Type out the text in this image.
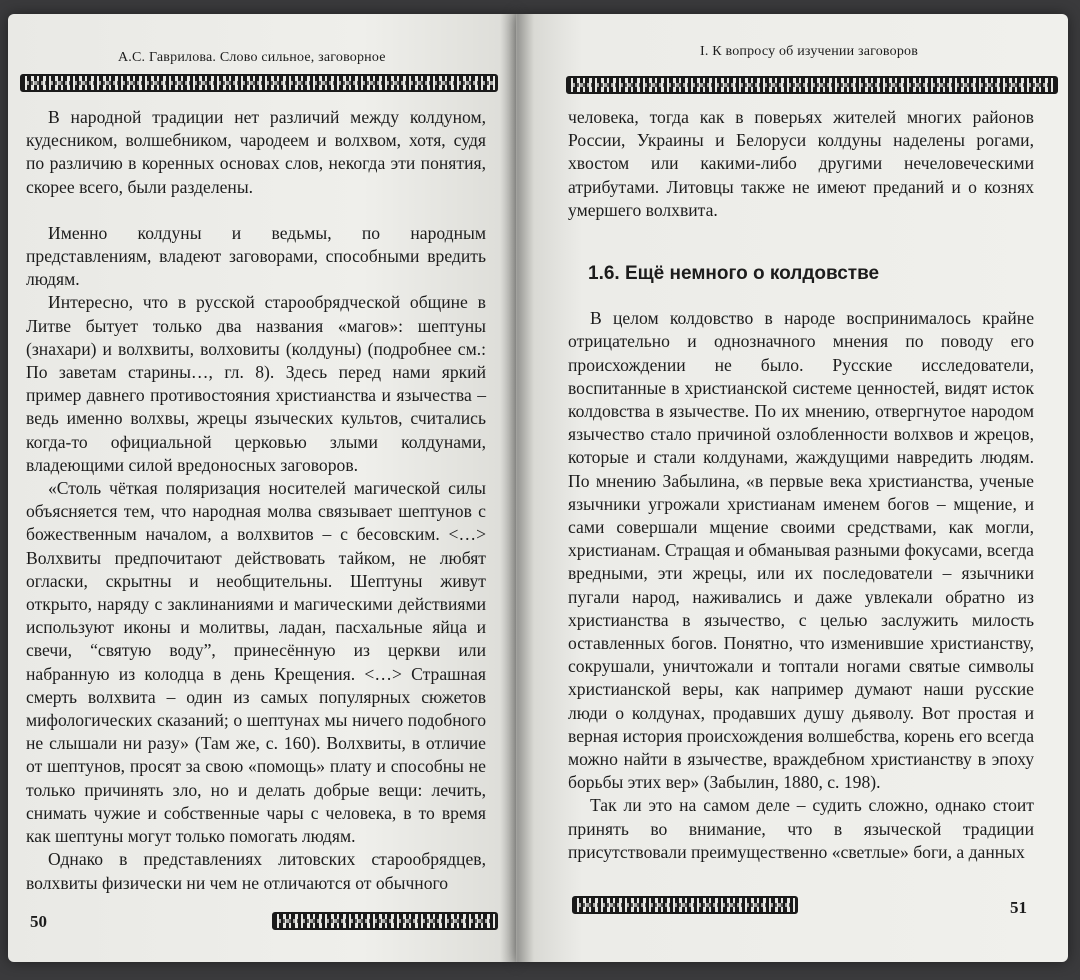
А.С. Гаврилова. Слово сильное, заговорное

В народной традиции нет различий между колдуном, кудесником, волшебником, чародеем и волхвом, хотя, судя по различию в коренных основах слов, некогда эти понятия, скорее всего, были разделены.

Именно колдуны и ведьмы, по народным представлениям, владеют заговорами, способными вредить людям.

Интересно, что в русской старообрядческой общине в Литве бытует только два названия «магов»: шептуны (знахари) и волхвиты, волховиты (колдуны) (подробнее см.: По заветам старины…, гл. 8). Здесь перед нами яркий пример давнего противостояния христианства и язычества – ведь именно волхвы, жрецы языческих культов, считались когда-то официальной церковью злыми колдунами, владеющими силой вредоносных заговоров.

«Столь чёткая поляризация носителей магической силы объясняется тем, что народная молва связывает шептунов с божественным началом, а волхвитов – с бесовским. <…> Волхвиты предпочитают действовать тайком, не любят огласки, скрытны и необщительны. Шептуны живут открыто, наряду с заклинаниями и магическими действиями используют иконы и молитвы, ладан, пасхальные яйца и свечи, “святую воду”, принесённую из церкви или набранную из колодца в день Крещения. <…> Страшная смерть волхвита – один из самых популярных сюжетов мифологических сказаний; о шептунах мы ничего подобного не слышали ни разу» (Там же, с. 160). Волхвиты, в отличие от шептунов, просят за свою «помощь» плату и способны не только причинять зло, но и делать добрые вещи: лечить, снимать чужие и собственные чары с человека, в то время как шептуны могут только помогать людям.

Однако в представлениях литовских старообрядцев, волхвиты физически ни чем не отличаются от обычного

50
I. К вопросу об изучении заговоров

человека, тогда как в поверьях жителей многих районов России, Украины и Белоруси колдуны наделены рогами, хвостом или какими-либо другими нечеловеческими атрибутами. Литовцы также не имеют преданий и о кознях умершего волхвита.

1.6. Ещё немного о колдовстве

В целом колдовство в народе воспринималось крайне отрицательно и однозначного мнения по поводу его происхождении не было. Русские исследователи, воспитанные в христианской системе ценностей, видят исток колдовства в язычестве. По их мнению, отвергнутое народом язычество стало причиной озлобленности волхвов и жрецов, которые и стали колдунами, жаждущими навредить людям. По мнению Забылина, «в первые века христианства, ученые язычники угрожали христианам именем богов – мщение, и сами совершали мщение своими средствами, как могли, христианам. Стращая и обманывая разными фокусами, всегда вредными, эти жрецы, или их последователи – язычники пугали народ, наживались и даже увлекали обратно из христианства в язычество, с целью заслужить милость оставленных богов. Понятно, что изменившие христианству, сокрушали, уничтожали и топтали ногами святые символы христианской веры, как например думают наши русские люди о колдунах, продавших душу дьяволу. Вот простая и верная история происхождения волшебства, корень его всегда можно найти в язычестве, враждебном христианству в эпоху борьбы этих вер» (Забылин, 1880, с. 198).

Так ли это на самом деле – судить сложно, однако стоит принять во внимание, что в языческой традиции присутствовали преимущественно «светлые» боги, а данных

51
